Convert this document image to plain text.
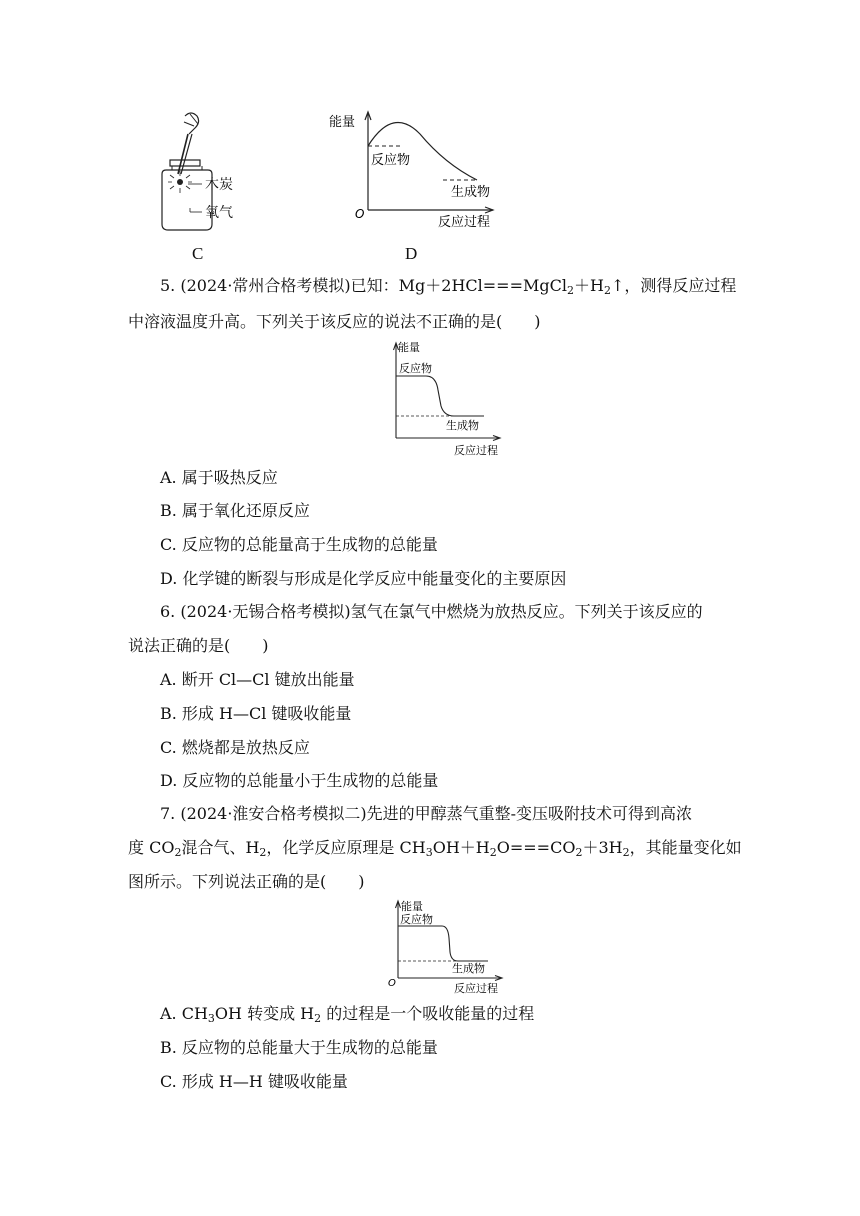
木炭
氧气
C
能量
反应物
生成物
O
反应过程
D
5. (2024·常州合格考模拟)已知：$Mg+2HCl===MgCl_2+H_2↑$，测得反应过程
中溶液温度升高。下列关于该反应的说法不正确的是(　　)
能量
反应物
生成物
反应过程
A. 属于吸热反应
B. 属于氧化还原反应
C. 反应物的总能量高于生成物的总能量
D. 化学键的断裂与形成是化学反应中能量变化的主要原因
6. (2024·无锡合格考模拟)氢气在氯气中燃烧为放热反应。下列关于该反应的
说法正确的是(　　)
A. 断开 Cl—Cl 键放出能量
B. 形成 H—Cl 键吸收能量
C. 燃烧都是放热反应
D. 反应物的总能量小于生成物的总能量
7. (2024·淮安合格考模拟二)先进的甲醇蒸气重整-变压吸附技术可得到高浓
度 $CO_2$混合气、$H_2$，化学反应原理是 $CH_3OH+H_2O===CO_2+3H_2$，其能量变化如
图所示。下列说法正确的是(　　)
能量
反应物
生成物
O	反应过程
A. $CH_3OH$ 转变成 $H_2$ 的过程是一个吸收能量的过程
B. 反应物的总能量大于生成物的总能量
C. 形成 H—H 键吸收能量
